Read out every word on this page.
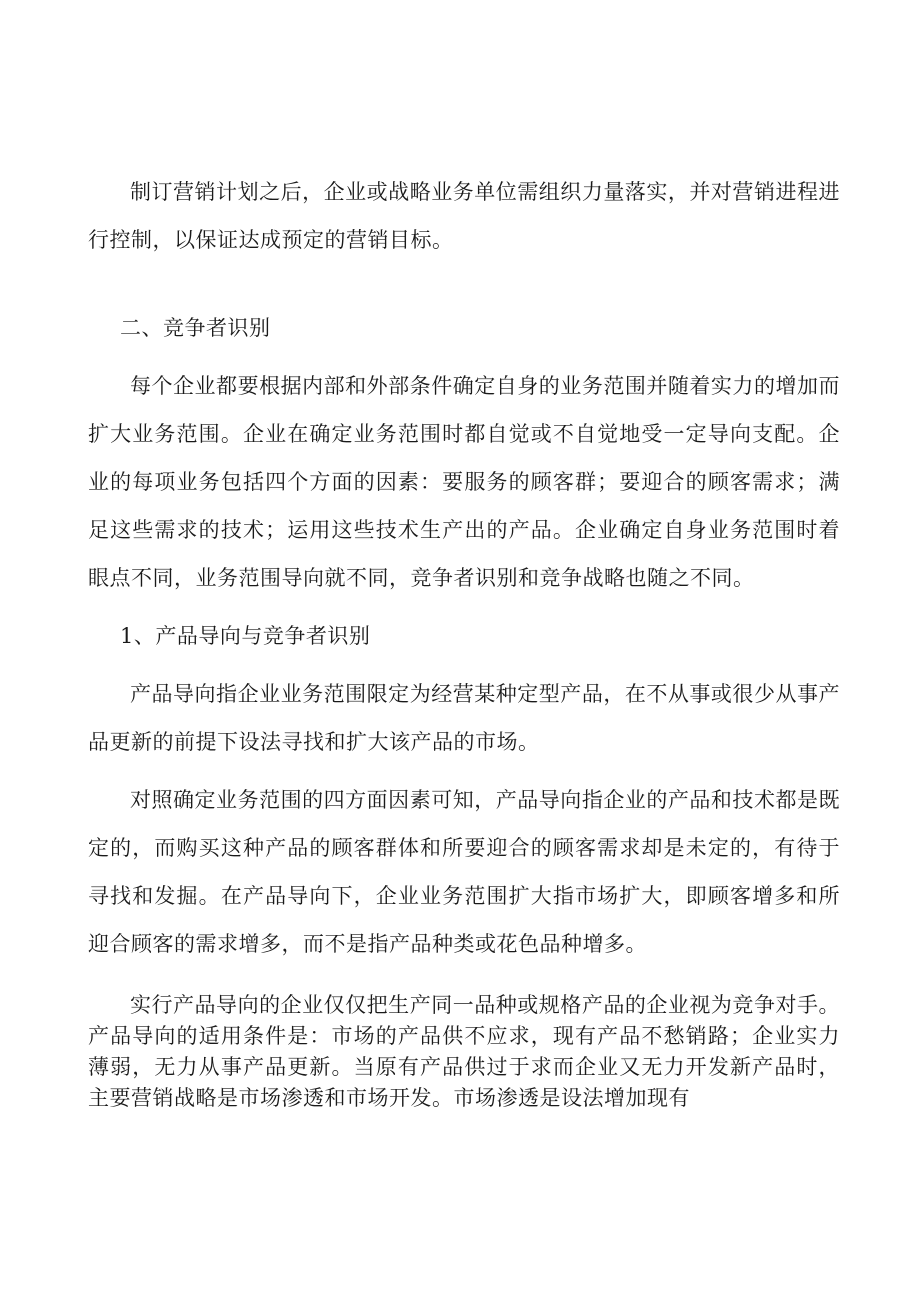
制订营销计划之后，企业或战略业务单位需组织力量落实，并对营销进程进行控制，以保证达成预定的营销目标。

二、竞争者识别

每个企业都要根据内部和外部条件确定自身的业务范围并随着实力的增加而扩大业务范围。企业在确定业务范围时都自觉或不自觉地受一定导向支配。企业的每项业务包括四个方面的因素：要服务的顾客群；要迎合的顾客需求；满足这些需求的技术；运用这些技术生产出的产品。企业确定自身业务范围时着眼点不同，业务范围导向就不同，竞争者识别和竞争战略也随之不同。

1、产品导向与竞争者识别

产品导向指企业业务范围限定为经营某种定型产品，在不从事或很少从事产品更新的前提下设法寻找和扩大该产品的市场。

对照确定业务范围的四方面因素可知，产品导向指企业的产品和技术都是既定的，而购买这种产品的顾客群体和所要迎合的顾客需求却是未定的，有待于寻找和发掘。在产品导向下，企业业务范围扩大指市场扩大，即顾客增多和所迎合顾客的需求增多，而不是指产品种类或花色品种增多。

实行产品导向的企业仅仅把生产同一品种或规格产品的企业视为竞争对手。产品导向的适用条件是：市场的产品供不应求，现有产品不愁销路；企业实力薄弱，无力从事产品更新。当原有产品供过于求而企业又无力开发新产品时，主要营销战略是市场渗透和市场开发。市场渗透是设法增加现有
